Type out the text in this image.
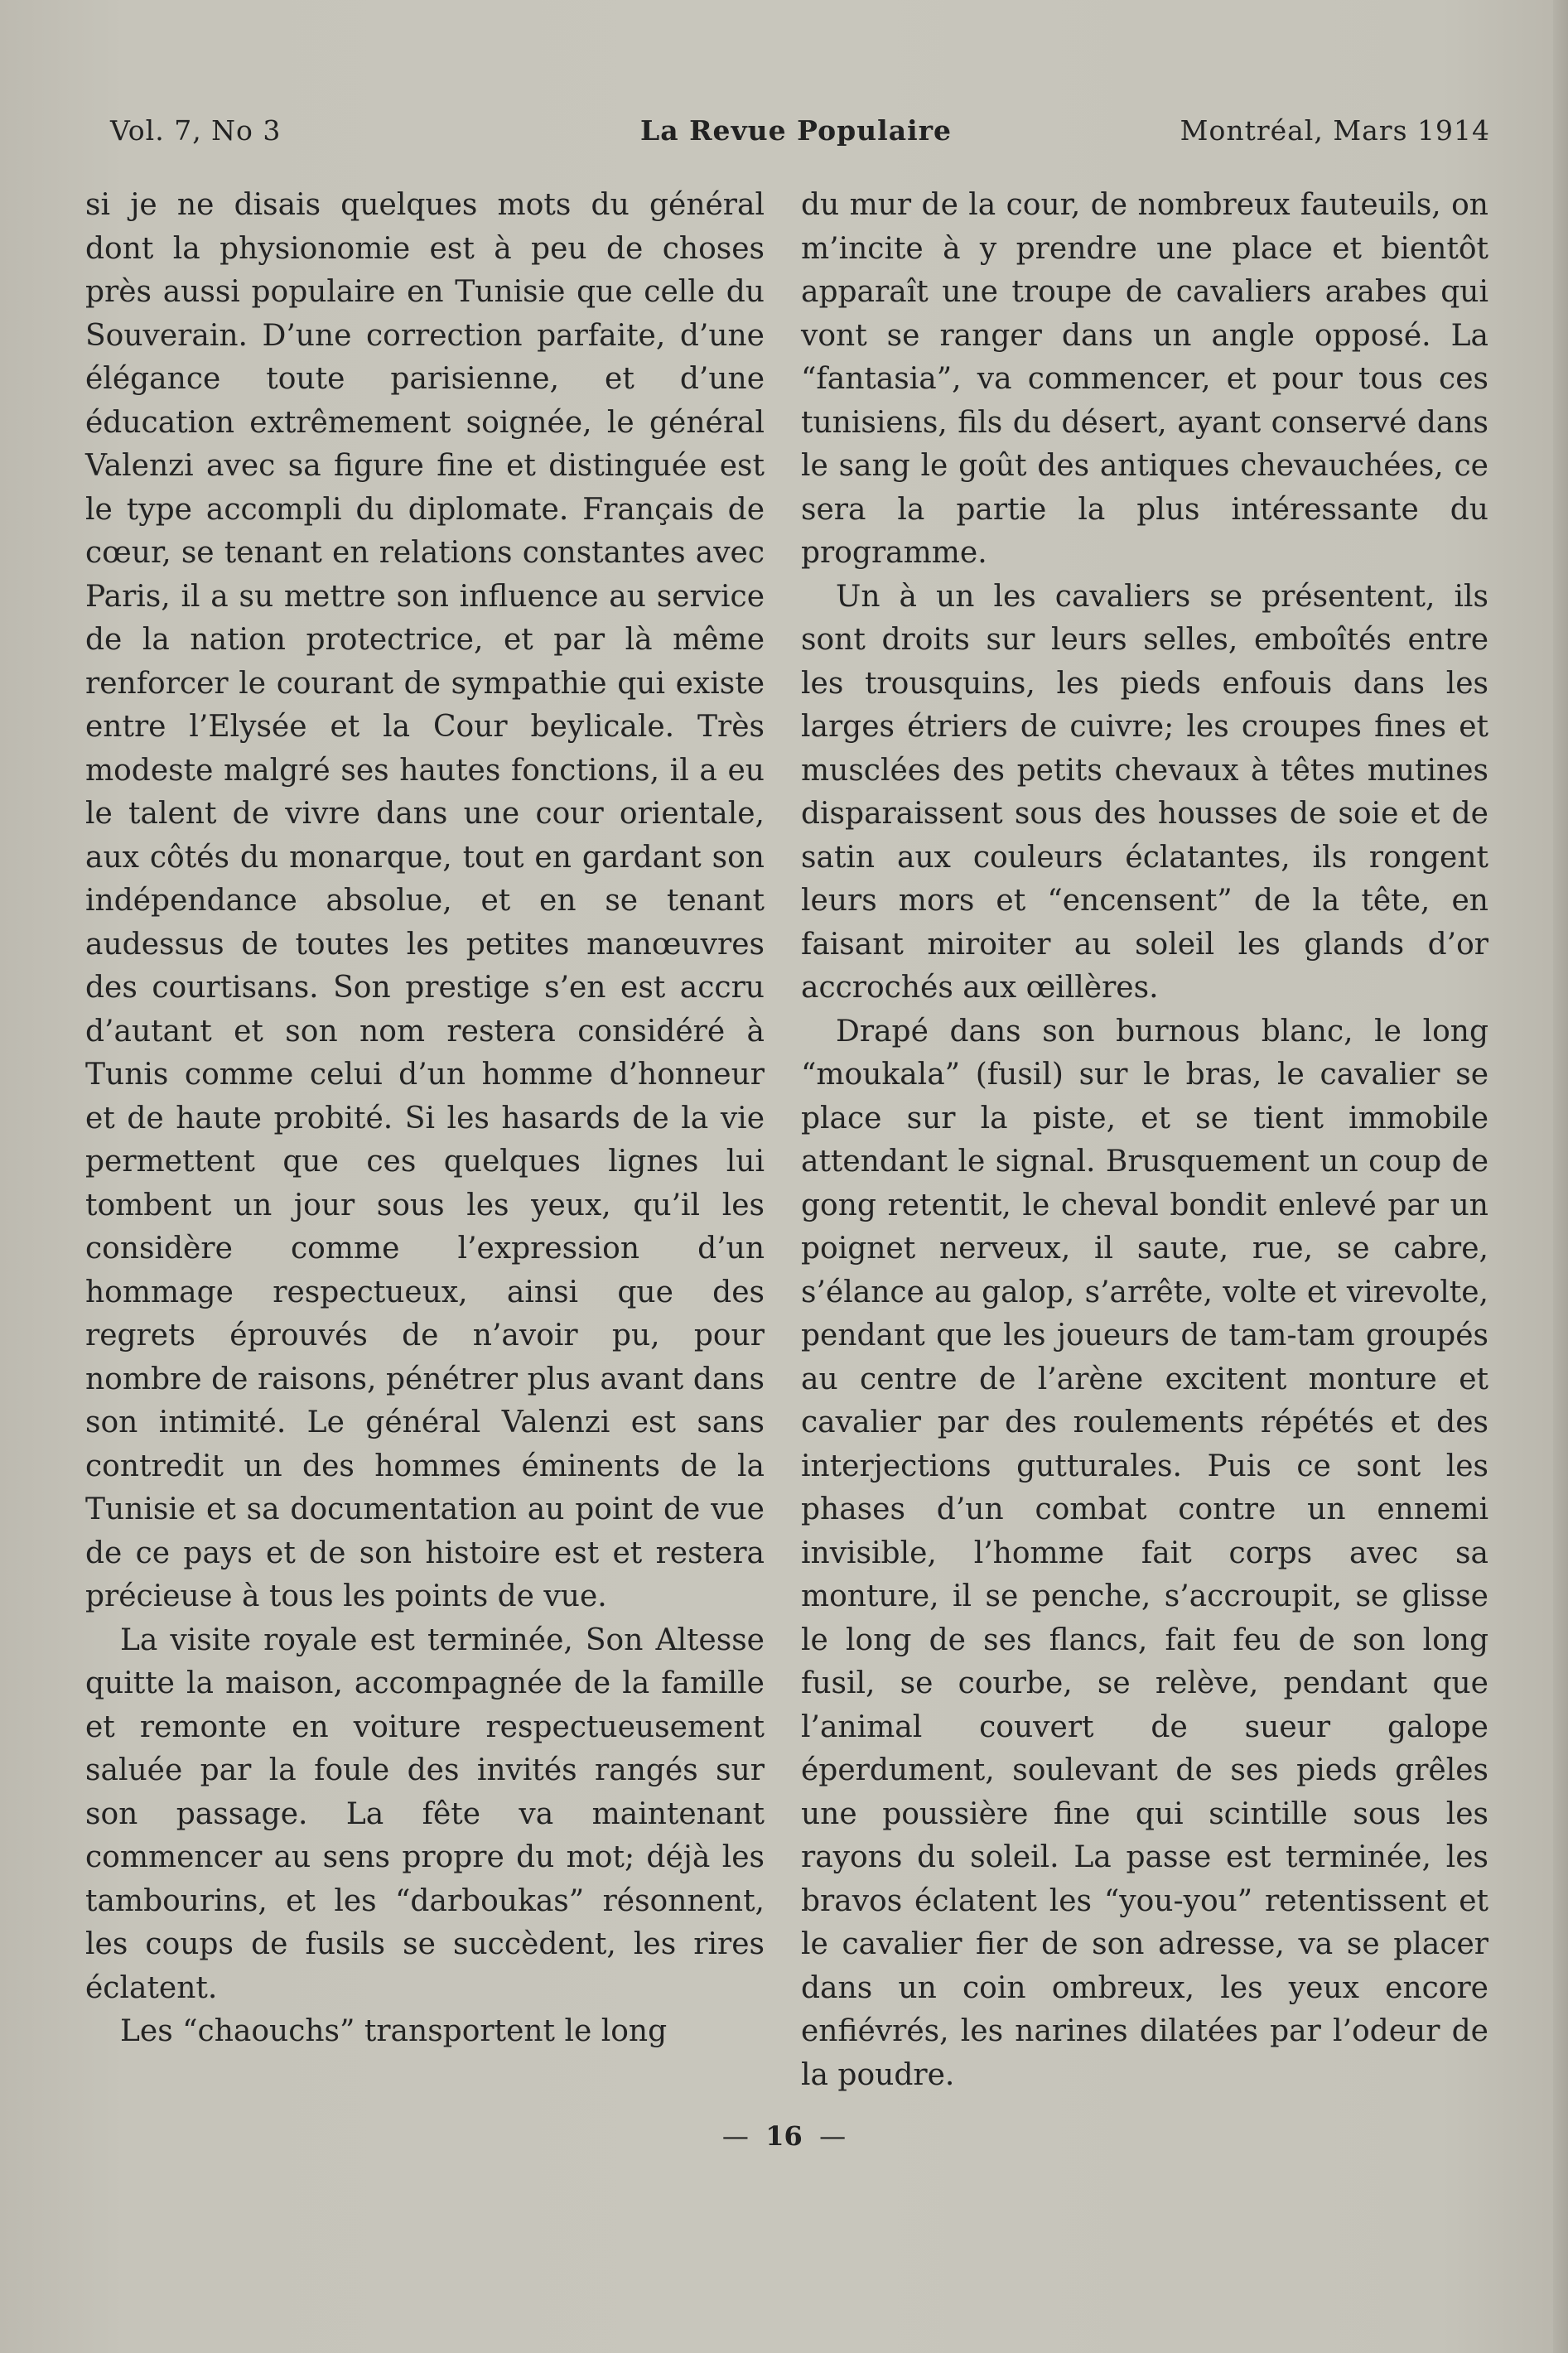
Vol. 7, No 3	La Revue Populaire	Montréal, Mars 1914

si je ne disais quelques mots du général dont la physionomie est à peu de choses près aussi populaire en Tunisie que celle du Souverain. D’une correction parfaite, d’une élégance toute parisienne, et d’une éducation extrêmement soignée, le général Valenzi avec sa figure fine et distinguée est le type accompli du diplomate. Français de cœur, se tenant en relations constantes avec Paris, il a su mettre son influence au service de la nation protectrice, et par là même renforcer le courant de sympathie qui existe entre l’Elysée et la Cour beylicale. Très modeste malgré ses hautes fonctions, il a eu le talent de vivre dans une cour orientale, aux côtés du monarque, tout en gardant son indépendance absolue, et en se tenant audessus de toutes les petites manœuvres des courtisans. Son prestige s’en est accru d’autant et son nom restera considéré à Tunis comme celui d’un homme d’honneur et de haute probité. Si les hasards de la vie permettent que ces quelques lignes lui tombent un jour sous les yeux, qu’il les considère comme l’expression d’un hommage respectueux, ainsi que des regrets éprouvés de n’avoir pu, pour nombre de raisons, pénétrer plus avant dans son intimité. Le général Valenzi est sans contredit un des hommes éminents de la Tunisie et sa documentation au point de vue de ce pays et de son histoire est et restera précieuse à tous les points de vue.

La visite royale est terminée, Son Altesse quitte la maison, accompagnée de la famille et remonte en voiture respectueusement saluée par la foule des invités rangés sur son passage. La fête va maintenant commencer au sens propre du mot; déjà les tambourins, et les “darboukas” résonnent, les coups de fusils se succèdent, les rires éclatent.

Les “chaouchs” transportent le long

du mur de la cour, de nombreux fauteuils, on m’incite à y prendre une place et bientôt apparaît une troupe de cavaliers arabes qui vont se ranger dans un angle opposé. La “fantasia”, va commencer, et pour tous ces tunisiens, fils du désert, ayant conservé dans le sang le goût des antiques chevauchées, ce sera la partie la plus intéressante du programme.

Un à un les cavaliers se présentent, ils sont droits sur leurs selles, emboîtés entre les trousquins, les pieds enfouis dans les larges étriers de cuivre; les croupes fines et musclées des petits chevaux à têtes mutines disparaissent sous des housses de soie et de satin aux couleurs éclatantes, ils rongent leurs mors et “encensent” de la tête, en faisant miroiter au soleil les glands d’or accrochés aux œillères.

Drapé dans son burnous blanc, le long “moukala” (fusil) sur le bras, le cavalier se place sur la piste, et se tient immobile attendant le signal. Brusquement un coup de gong retentit, le cheval bondit enlevé par un poignet nerveux, il saute, rue, se cabre, s’élance au galop, s’arrête, volte et virevolte, pendant que les joueurs de tam-tam groupés au centre de l’arène excitent monture et cavalier par des roulements répétés et des interjections gutturales. Puis ce sont les phases d’un combat contre un ennemi invisible, l’homme fait corps avec sa monture, il se penche, s’accroupit, se glisse le long de ses flancs, fait feu de son long fusil, se courbe, se relève, pendant que l’animal couvert de sueur galope éperdument, soulevant de ses pieds grêles une poussière fine qui scintille sous les rayons du soleil. La passe est terminée, les bravos éclatent les “you-you” retentissent et le cavalier fier de son adresse, va se placer dans un coin ombreux, les yeux encore enfiévrés, les narines dilatées par l’odeur de la poudre.

—  16  —
